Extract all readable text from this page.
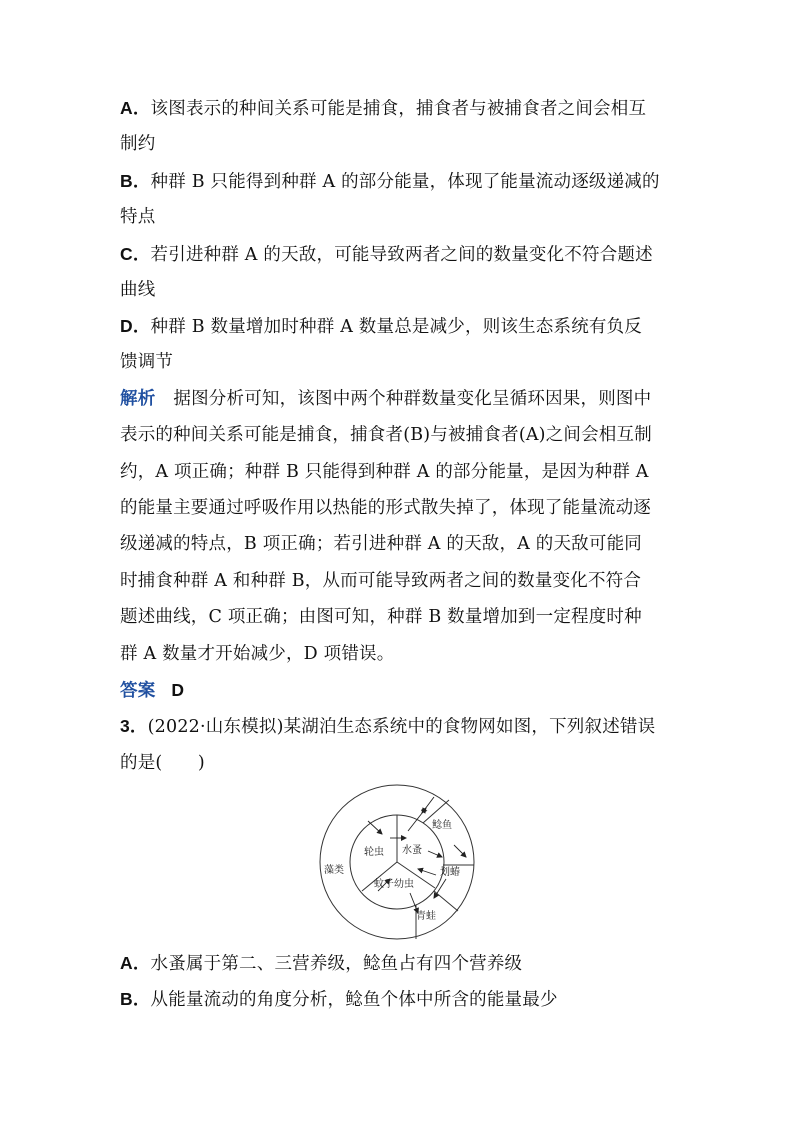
A．该图表示的种间关系可能是捕食，捕食者与被捕食者之间会相互
制约
B．种群 B 只能得到种群 A 的部分能量，体现了能量流动逐级递减的
特点
C．若引进种群 A 的天敌，可能导致两者之间的数量变化不符合题述
曲线
D．种群 B 数量增加时种群 A 数量总是减少，则该生态系统有负反
馈调节
解析 据图分析可知，该图中两个种群数量变化呈循环因果，则图中
表示的种间关系可能是捕食，捕食者(B)与被捕食者(A)之间会相互制
约，A 项正确；种群 B 只能得到种群 A 的部分能量，是因为种群 A
的能量主要通过呼吸作用以热能的形式散失掉了，体现了能量流动逐
级递减的特点，B 项正确；若引进种群 A 的天敌，A 的天敌可能同
时捕食种群 A 和种群 B，从而可能导致两者之间的数量变化不符合
题述曲线，C 项正确；由图可知，种群 B 数量增加到一定程度时种
群 A 数量才开始减少，D 项错误。
答案 D
3．(2022·山东模拟)某湖泊生态系统中的食物网如图，下列叙述错误
的是(　　)
藻类
轮虫 水蚤
蚊子幼虫
鲶鱼
划蝽
青蛙
A．水蚤属于第二、三营养级，鲶鱼占有四个营养级
B．从能量流动的角度分析，鲶鱼个体中所含的能量最少
